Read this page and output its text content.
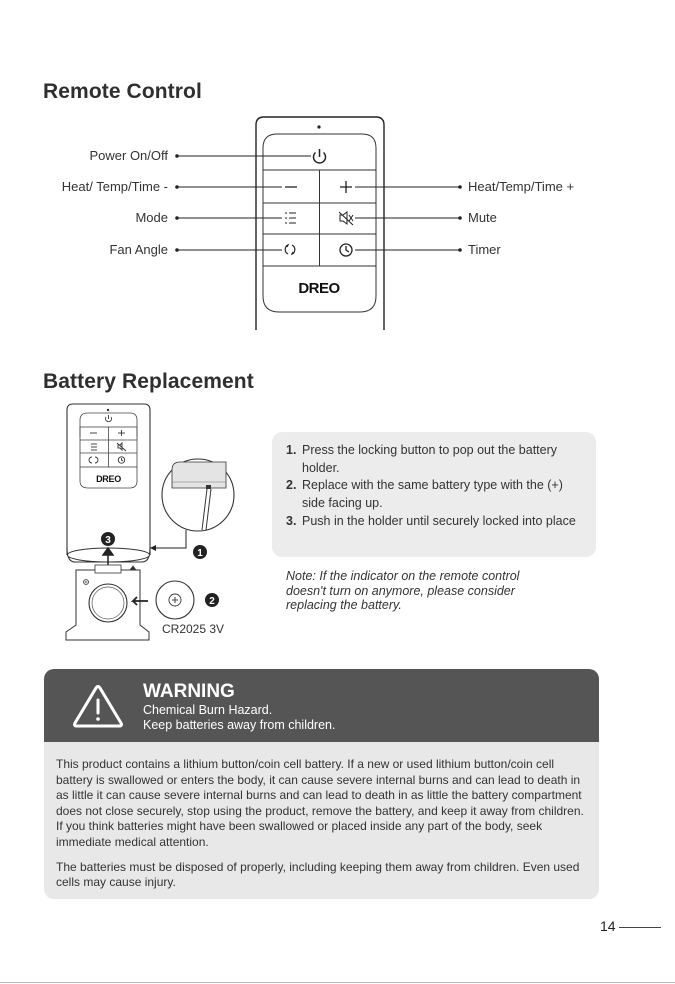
Remote Control
DREO
Power On/Off
Heat/ Temp/Time -
Mode
Fan Angle
Heat/Temp/Time +
Mute
Timer
Battery Replacement
DREO
1
2
3
CR2025 3V
1. Press the locking button to pop out the battery holder.
2. Replace with the same battery type with the (+) side facing up.
3. Push in the holder until securely locked into place
Note: If the indicator on the remote control doesn't turn on anymore, please consider replacing the battery.
WARNING
Chemical Burn Hazard.
Keep batteries away from children.

This product contains a lithium button/coin cell battery. If a new or used lithium button/coin cell battery is swallowed or enters the body, it can cause severe internal burns and can lead to death in as little it can cause severe internal burns and can lead to death in as little the battery compartment does not close securely, stop using the product, remove the battery, and keep it away from children. If you think batteries might have been swallowed or placed inside any part of the body, seek immediate medical attention.

The batteries must be disposed of properly, including keeping them away from children. Even used cells may cause injury.

14
